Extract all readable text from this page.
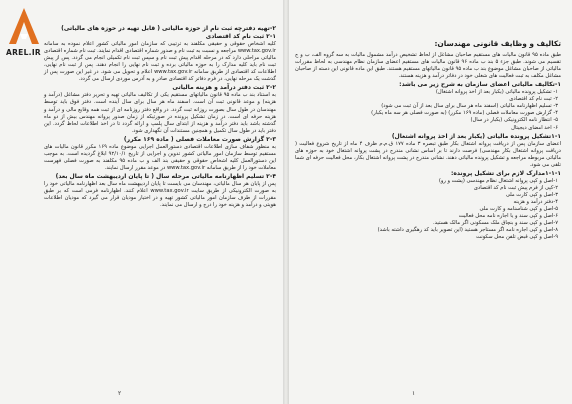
AREL.IR
۲-تهیه دفترچه ثبت نام از حوزه مالیاتی ( قابل تهیه در حوزه های مالیاتی)
۲-۱ ثبت نام کد اقتصادی

کلیه اشخاص حقوقی و حقیقی مکلفند به ترتیبی که سازمان امور مالیاتی کشور اعلام نموده به سامانه www.tax.gov.ir مراجعه و نسبت به ثبت نام و صدور شماره اقتصادی اقدام نمایند. ثبت نام شماره اقتصادی مالیاتی مراحلی دارد که در مرحله اقدام پیش ثبت نام و سپس ثبت نام تکمیلی انجام می گردد. پس از پیش ثبت نام باید کلیه مدارک را به حوزه مالیاتی برده و ثبت نام نهایی را انجام دهند. پس از ثبت نام نهایی، اطلاعات کد اقتصادی از طریق سامانه www.tax.gov.ir اعلام و تحویل می شود. در غیر این صورت پس از گذشت یک مرحله نهایی، در فرم دفاتر کد اقتصادی صادر و به آدرس موردی ارسال می گردد.

۲-۲ ثبت دفتر درآمد و هزینه مالیاتی

به استناد بند ب ماده ۹۵ قانون مالیاتهای مستقیم یکی از تکالیف مالیاتی تهیه و تحریر دفتر مشاغل (درآمد و هزینه) و موعد قانونی ثبت آن است. اسفند ماه هر سال برای سال آینده است. دفتر فوق باید توسط مهندسان در طول سال بصورت روزانه ثبت گردد. در واقع دفتر روزنامه ای از ثبت همه وقایع مالی و درآمد و هزینه حرفه ای است. در زمان تشکیل پرونده در صورتیکه از زمان صدور پروانه مهندس بیش از دو ماه گذشته باشد باید دفتر درآمد و هزینه از ابتدای سال پلمپ و ارائه گردد تا در اخذ اطلاعات لحاظ گردد. این دفتر باید در طول سال تکمیل و همچنین مستندات آن نگهداری شود.

۲-۳ گزارش صورت معاملات فصلی ( ماده ۱۶۹ مکرر)

به منظور شفاف سازی اطلاعات اقتصادی دستورالعمل اجرایی موضوع ماده ۱۶۹ مکرر قانون مالیات های مستقیم توسط سازمان امور مالیاتی کشور تدوین و اجرایی از تاریخ ۹۲/۱۰/۱ ابلاغ گردیده است. به موجب این دستورالعمل کلیه اشخاص حقوقی و حقیقی بند الف و ب ماده ۹۵ مکلفند به صورت فصلی فهرست معاملات خود را از طریق سامانه www.tax.gov.ir در موعد مقرر ارسال نمایند.

۲-۴ تسلیم اظهارنامه مالیاتی مرحله سال ( تا پایان اردیبهشت ماه سال بعد)

پس از پایان هر سال مالیاتی، مهندسان می بایست تا پایان اردیبهشت ماه سال بعد اظهارنامه مالیاتی خود را به صورت الکترونیکی از طریق سایت www.tax.gov.ir اعلام کنند. اظهارنامه فرمی است که بر طبق مقررات از طرف سازمان امور مالیاتی کشور تهیه و در اختیار مودیان قرار می گیرد که مودیان اطلاعات هویتی و درآمد و هزینه خود را درج و ارسال می نمایند.

۲
تکالیف و وظایف قانونی مهندسان:

طبق ماده ۹۵ قانون مالیات های مستقیم صاحبان مشاغل از لحاظ تشخیص درآمد مشمول مالیات به سه گروه الف، ب و ج تقسیم می شوند. طبق جزء ۵ بند ب ماده ۹۶ قانون مالیات های مستقیم اعضای سازمان نظام مهندسی به لحاظ مقررات مالیاتی از صاحبان مشاغل موضوع بند ب ماده ۹۵ قانون مالیاتهای مستقیم هستند. طبق این ماده قانونی این دسته از صاحبان مشاغل مکلف به ثبت فعالیت های شغلی خود در دفاتر درآمد و هزینه هستند.

۱-تکالیف مالیاتی اعضای سازمان به شرح زیر می باشد:
۱- تشکیل پرونده مالیاتی (یکبار بعد از اخذ پروانه اشتغال)
۲- ثبت نام کد اقتصادی
۳- تسلیم اظهارنامه مالیاتی (اسفند ماه هر سال برای سال بعد از آن ثبت می شود)
۴- گزارش صورت معاملات فصلی (ماده ۱۶۹ مکرر) (به صورت فصلی هر سه ماه یکبار)
۵- انتظار نامه الکترونیکی (یکبار در سال)
۶- اخذ امضای دیجیتال
۱-۱تشکیل پرونده مالیاتی (یکبار بعد از اخذ پروانه اشتغال)

اعضای سازمان پس از دریافت پروانه اشتغال بکار طبق تبصره ۳ ماده ۱۷۷ ق.م.م ظرف ۴ ماه از تاریخ شروع فعالیت ( دریافت پروانه اشتغال بکار مهندسی) فرصت دارند تا بر اساس نشانی مندرج در پشت پروانه اشتغال خود به حوزه های مالیاتی مربوطه مراجعه و تشکیل پرونده مالیاتی دهند. نشانی مندرج در پشت پروانه اشتغال بکار، محل فعالیت حرفه ای شما تلقی می شود.

۱-۱-۱مدارک لازم برای تشکیل پرونده:
۱-اصل و کپی پروانه اشتغال نظام مهندسی (پشت و رو)
۲-کپی از فرم پیش ثبت نام کد اقتصادی
۳-اصل و کپی کارت ملی
۴-دفتر درآمد و هزینه
۵-اصل و کپی شناسنامه و کارت ملی
۶-اصل و کپی سند و یا اجاره نامه محل فعالیت
۷-اصل و کپی سند و بنچاق ملک مسکونی اگر مالک هستید.
۸-اصل و کپی اجاره نامه اگر مستاجر هستید (این تصویر باید کد رهگیری داشته باشد)
۹-اصل و کپی قبض تلفن محل سکونت
۱
